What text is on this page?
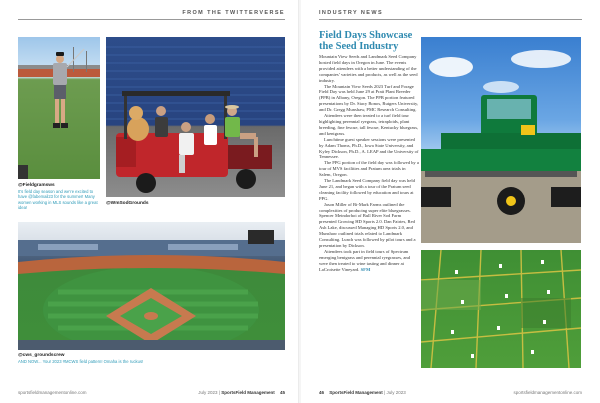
FROM THE TWITTERVERSE
@Fieldgramsws
It’s field day season and we’re excited to have @fabemail23 for the summer! Many women working in MLS sounds like a great idea!
@WmSodGrounds
@cws_groundscrew
AND NOW... Your 2023 #MCWS field pattern! Omaha is the ruckus!
sportsfieldmanagementonline.com	July 2023 | SportsField Management 45
INDUSTRY NEWS
Field Days Showcase the Seed Industry

Mountain View Seeds and Landmark Seed Company hosted field days in Oregon in June. The events provided attendees with a better understanding of the companies’ varieties and products, as well as the seed industry.

The Mountain View Seeds 2023 Turf and Forage Field Day was held June 29 at Pratt Plant Breeder (PPB) in Albany, Oregon. The PPB portion featured presentations by Dr. Stacy Bonos, Rutgers University, and Dr. Gregg Munshaw, PMC Research Consulting.

Attendees were then treated to a turf field tour highlighting perennial ryegrass, tetraploids, plant breeding, fine fescue, tall fescue, Kentucky bluegrass, and kentgrass.

Lunchtime guest speaker sessions were presented by Adam Thoms, Ph.D., Iowa State University, and Kyley Dickson, Ph.D., A. LEAP and the University of Tennessee.

The PPG portion of the field day was followed by a tour of MVS facilities and Pratum area trials in Salem, Oregon.

The Landmark Seed Company field day was held June 21, and began with a tour of the Pratum seed cleaning facility followed by education and tours at PPG.

Jason Miller of Bi-Mark Farms outlined the complexities of producing super elite bluegrasses. Spencer Meindorhoi of Bull River Sod Farm presented Growing HD Sports 2.0. Dan Fairies, Red Ash Lake, discussed Managing HD Sports 2.0, and Munshaw outlined trials related to Landmark Consulting. Lunch was followed by pilot tours and a presentation by Dickson.

Attendees took part in field tours of Spectrum emerging bentgrass and perennial ryegrasses, and were then treated to wine tasting and dinner at LaCroisette Vineyard. SFM

46 SportsField Management | July 2023	sportsfieldmanagementonline.com
